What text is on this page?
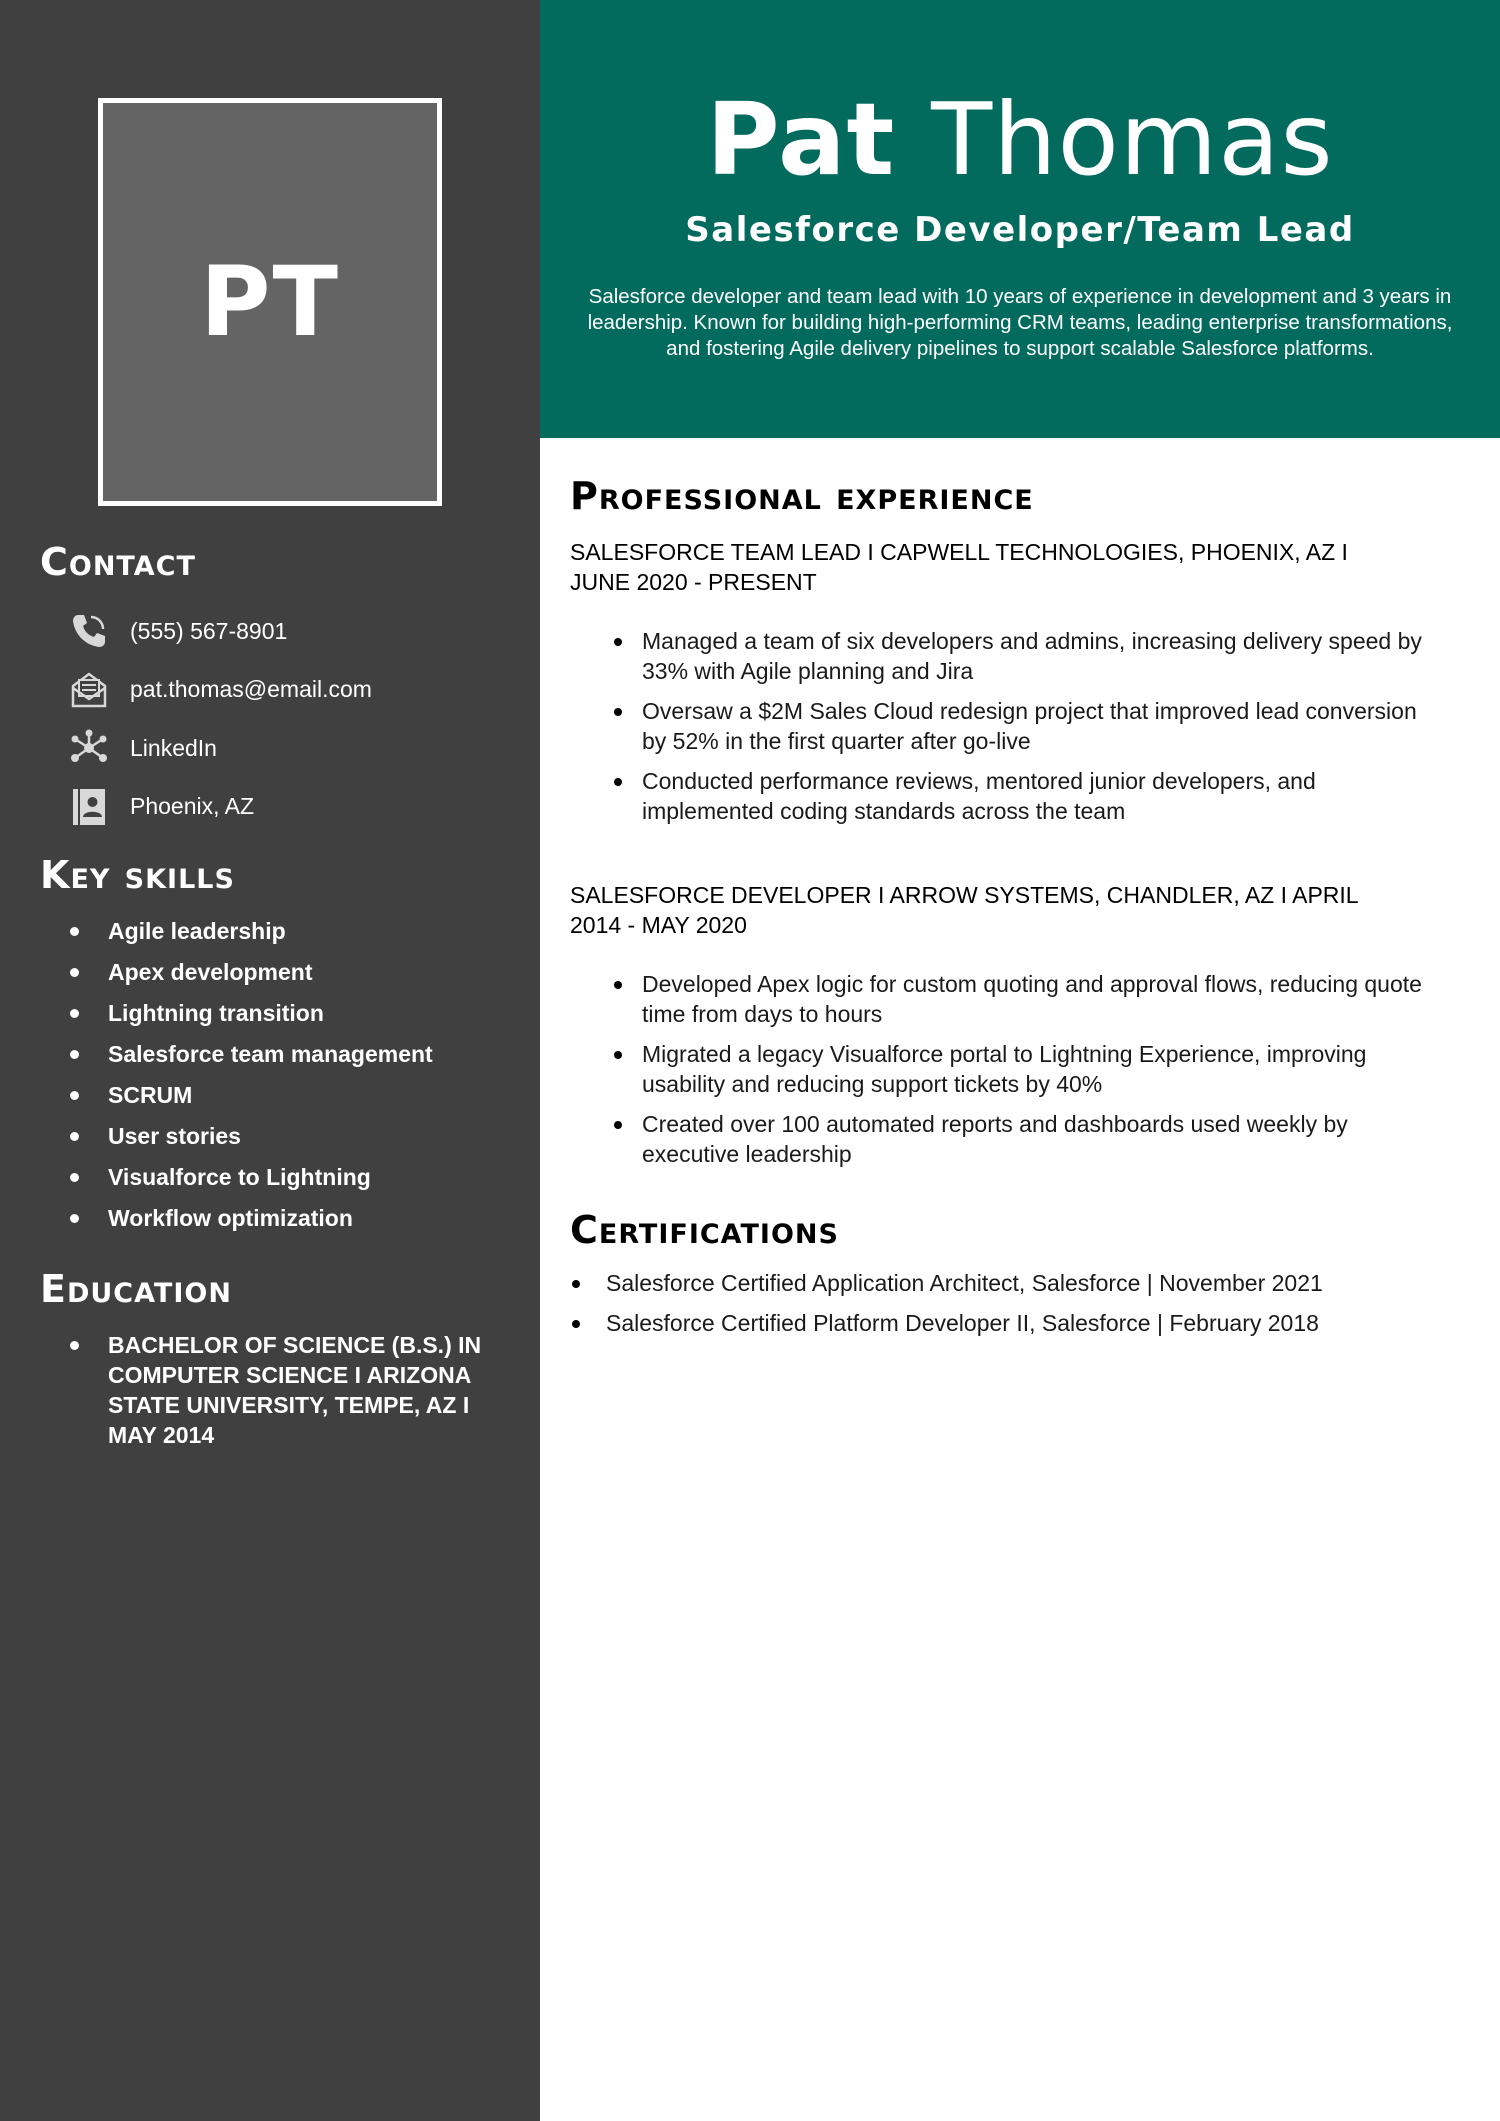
PT
Contact
(555) 567-8901
pat.thomas@email.com
LinkedIn
Phoenix, AZ
Key skills
Agile leadership
Apex development
Lightning transition
Salesforce team management
SCRUM
User stories
Visualforce to Lightning
Workflow optimization
Education
BACHELOR OF SCIENCE (B.S.) IN COMPUTER SCIENCE I ARIZONA STATE UNIVERSITY, TEMPE, AZ I MAY 2014
Pat Thomas
Salesforce Developer/Team Lead

Salesforce developer and team lead with 10 years of experience in development and 3 years in leadership. Known for building high-performing CRM teams, leading enterprise transformations, and fostering Agile delivery pipelines to support scalable Salesforce platforms.

Professional experience
SALESFORCE TEAM LEAD I CAPWELL TECHNOLOGIES, PHOENIX, AZ I JUNE 2020 - PRESENT
Managed a team of six developers and admins, increasing delivery speed by 33% with Agile planning and Jira
Oversaw a $2M Sales Cloud redesign project that improved lead conversion by 52% in the first quarter after go-live
Conducted performance reviews, mentored junior developers, and implemented coding standards across the team
SALESFORCE DEVELOPER I ARROW SYSTEMS, CHANDLER, AZ I APRIL 2014 - MAY 2020
Developed Apex logic for custom quoting and approval flows, reducing quote time from days to hours
Migrated a legacy Visualforce portal to Lightning Experience, improving usability and reducing support tickets by 40%
Created over 100 automated reports and dashboards used weekly by executive leadership
Certifications
Salesforce Certified Application Architect, Salesforce | November 2021
Salesforce Certified Platform Developer II, Salesforce | February 2018
